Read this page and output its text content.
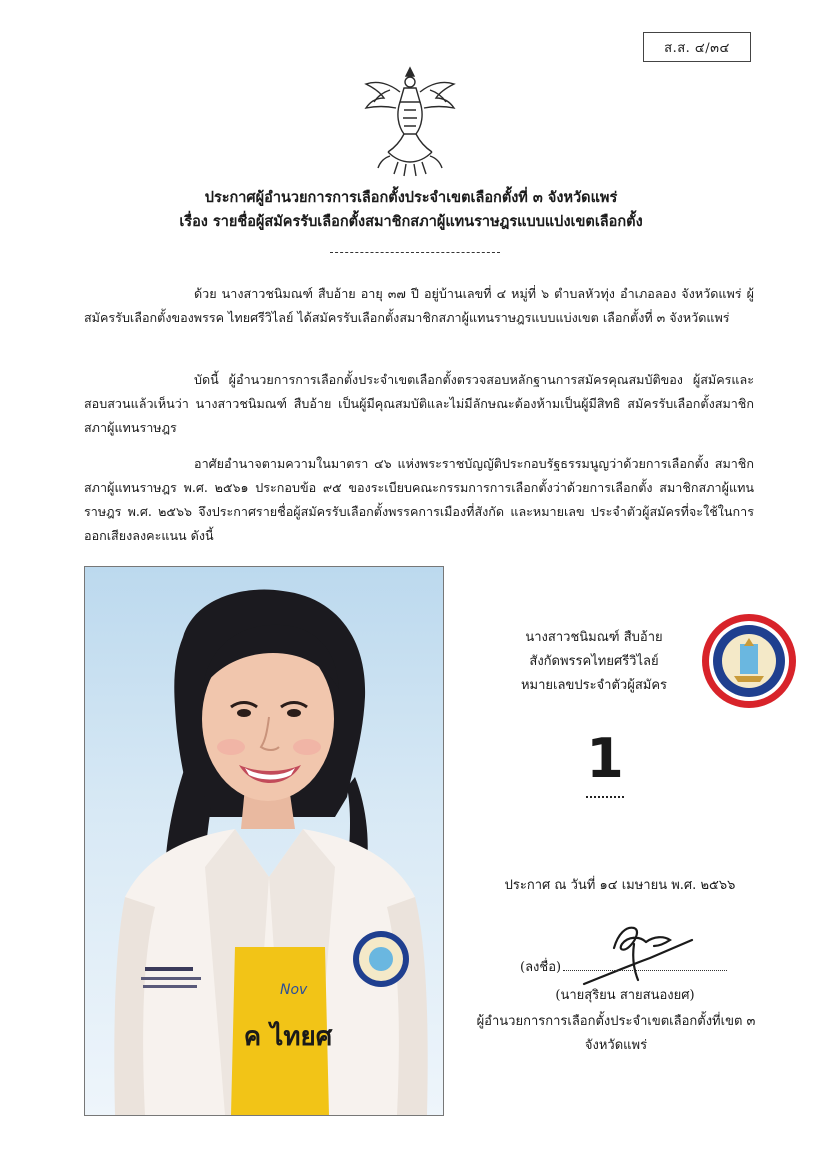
ส.ส. ๔/๓๔
ประกาศผู้อำนวยการการเลือกตั้งประจำเขตเลือกตั้งที่ ๓ จังหวัดแพร่
เรื่อง รายชื่อผู้สมัครรับเลือกตั้งสมาชิกสภาผู้แทนราษฎรแบบแบ่งเขตเลือกตั้ง

ด้วย นางสาวชนิมณฑ์ สืบอ้าย อายุ ๓๗ ปี อยู่บ้านเลขที่ ๔ หมู่ที่ ๖ ตำบลหัวทุ่ง อำเภอลอง จังหวัดแพร่ ผู้สมัครรับเลือกตั้งของพรรค ไทยศรีวิไลย์ ได้สมัครรับเลือกตั้งสมาชิกสภาผู้แทนราษฎรแบบแบ่งเขต เลือกตั้งที่ ๓ จังหวัดแพร่

บัดนี้ ผู้อำนวยการการเลือกตั้งประจำเขตเลือกตั้งตรวจสอบหลักฐานการสมัครคุณสมบัติของ ผู้สมัครและสอบสวนแล้วเห็นว่า นางสาวชนิมณฑ์ สืบอ้าย เป็นผู้มีคุณสมบัติและไม่มีลักษณะต้องห้ามเป็นผู้มีสิทธิ สมัครรับเลือกตั้งสมาชิกสภาผู้แทนราษฎร

อาศัยอำนาจตามความในมาตรา ๔๖ แห่งพระราชบัญญัติประกอบรัฐธรรมนูญว่าด้วยการเลือกตั้ง สมาชิกสภาผู้แทนราษฎร พ.ศ. ๒๕๖๑ ประกอบข้อ ๙๕ ของระเบียบคณะกรรมการการเลือกตั้งว่าด้วยการเลือกตั้ง สมาชิกสภาผู้แทนราษฎร พ.ศ. ๒๕๖๖ จึงประกาศรายชื่อผู้สมัครรับเลือกตั้งพรรคการเมืองที่สังกัด และหมายเลข ประจำตัวผู้สมัครที่จะใช้ในการออกเสียงลงคะแนน ดังนี้

ค ไทยศ
Nov
นางสาวชนิมณฑ์ สืบอ้าย
สังกัดพรรคไทยศรีวิไลย์
หมายเลขประจำตัวผู้สมัคร
1
ประกาศ ณ วันที่ ๑๔ เมษายน พ.ศ. ๒๕๖๖
(ลงชื่อ)
(นายสุริยน สายสนองยศ)
ผู้อำนวยการการเลือกตั้งประจำเขตเลือกตั้งที่เขต ๓
จังหวัดแพร่
